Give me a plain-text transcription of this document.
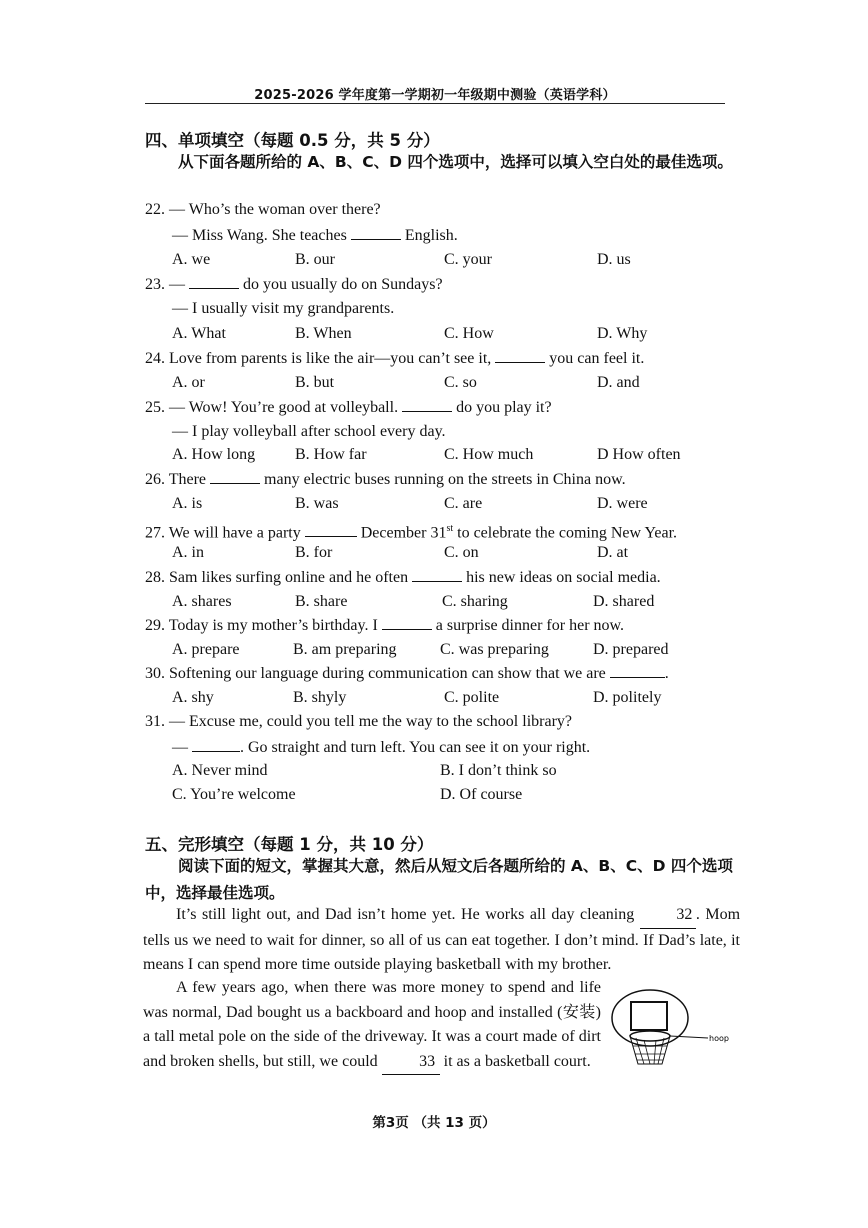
2025-2026 学年度第一学期初一年级期中测验（英语学科）
四、单项填空（每题 0.5 分，共 5 分）
从下面各题所给的 A、B、C、D 四个选项中，选择可以填入空白处的最佳选项。
22. — Who’s the woman over there?
— Miss Wang. She teaches	English.
A. we	B. our	C. your	D. us
23. —	do you usually do on Sundays?
— I usually visit my grandparents.
A. What	B. When	C. How	D. Why
24. Love from parents is like the air—you can’t see it,	you can feel it.
A. or	B. but	C. so	D. and
25. — Wow! You’re good at volleyball.	do you play it?
— I play volleyball after school every day.
A. How long B. How far	C. How much	D How often
26. There	many electric buses running on the streets in China now.
A. is	B. was	C. are	D. were
27. We will have a party	December 31st to celebrate the coming New Year.
A. in	B. for	C. on	D. at
28. Sam likes surfing online and he often	his new ideas on social media.
A. shares	B. share	C. sharing	D. shared
29. Today is my mother’s birthday. I	a surprise dinner for her now.
A. prepare	B. am preparing	C. was preparing	D. prepared
30. Softening our language during communication can show that we are	.
A. shy	B. shyly	C. polite	D. politely
31. — Excuse me, could you tell me the way to the school library?
—	. Go straight and turn left. You can see it on your right.
A. Never mind	B. I don’t think so
C. You’re welcome	D. Of course
五、完形填空（每题 1 分，共 10 分）
阅读下面的短文，掌握其大意，然后从短文后各题所给的 A、B、C、D 四个选项中，选择最佳选项。
It’s still light out, and Dad isn’t home yet. He works all day cleaning	32 . Mom tells us we need to wait for dinner, so all of us can eat together. I don’t mind. If Dad’s late, it means I can spend more time outside playing basketball with my brother.
A few years ago, when there was more money to spend and life was normal, Dad bought us a backboard and hoop and installed (安装) a tall metal pole on the side of the driveway. It was a court made of dirt and broken shells, but still, we could	33 it as a basketball court.
hoop
第3页 （共 13 页）
